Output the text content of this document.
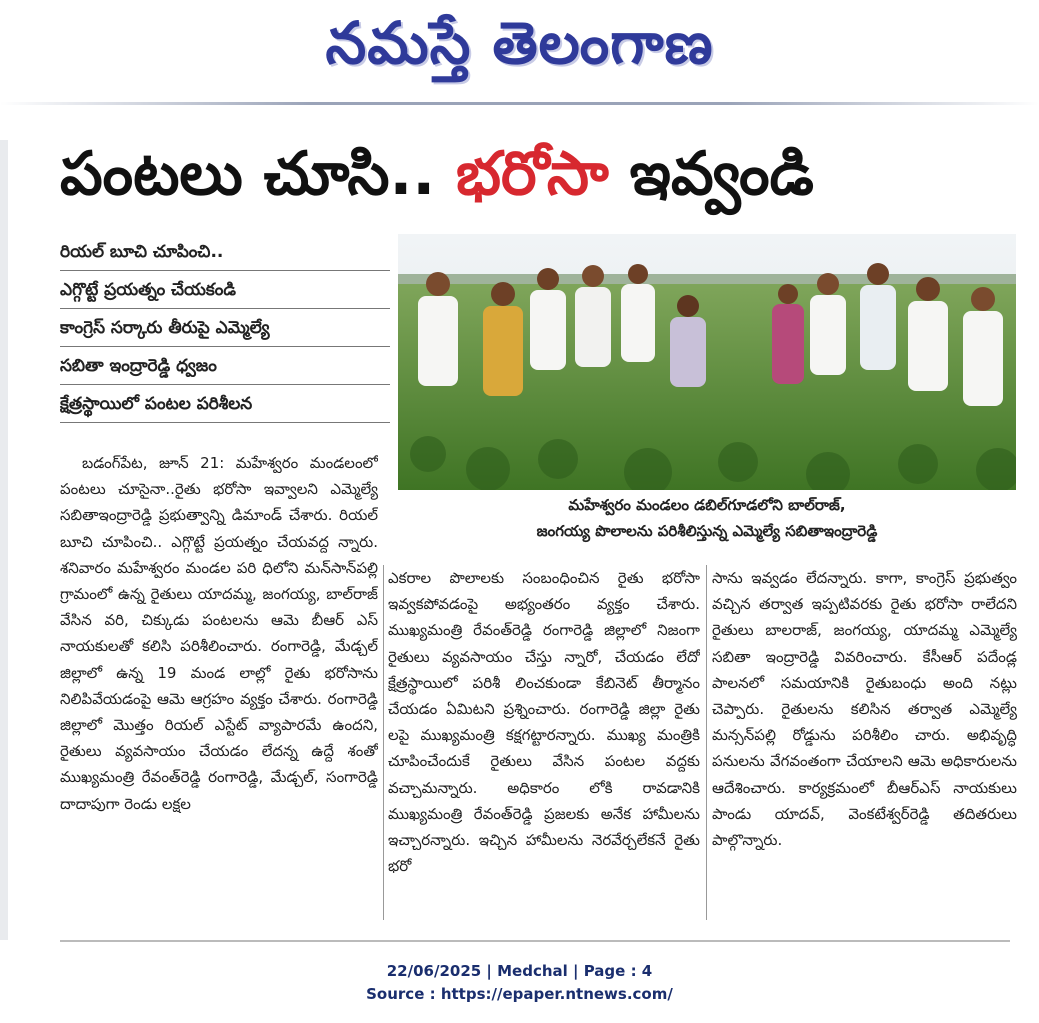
నమస్తే తెలంగాణ
పంటలు చూసి.. భరోసా ఇవ్వండి
రియల్ బూచి చూపించి..
ఎగ్గొట్టే ప్రయత్నం చేయకండి
కాంగ్రెస్ సర్కారు తీరుపై ఎమ్మెల్యే
సబితా ఇంద్రారెడ్డి ధ్వజం
క్షేత్రస్థాయిలో పంటల పరిశీలన
మహేశ్వరం మండలం డబిల్‌గూడలోని బాల్‌రాజ్,
జంగయ్య పొలాలను పరిశీలిస్తున్న ఎమ్మెల్యే సబితాఇంద్రారెడ్డి

బడంగ్‌పేట, జూన్ 21: మహేశ్వరం మండలంలో పంటలు చూసైనా..రైతు భరోసా ఇవ్వాలని ఎమ్మెల్యే సబితాఇంద్రారెడ్డి ప్రభుత్వాన్ని డిమాండ్ చేశారు. రియల్ బూచి చూపించి.. ఎగ్గొట్టే ప్రయత్నం చేయవద్ద న్నారు. శనివారం మహేశ్వరం మండల పరి ధిలోని మన్‌సాన్‌పల్లి గ్రామంలో ఉన్న రైతులు యాదమ్మ, జంగయ్య, బాల్‌రాజ్ వేసిన వరి, చిక్కుడు పంటలను ఆమె బీఆర్ ఎస్ నాయకులతో కలిసి పరిశీలించారు. రంగారెడ్డి, మేడ్చల్ జిల్లాలో ఉన్న 19 మండ లాల్లో రైతు భరోసాను నిలిపివేయడంపై ఆమె ఆగ్రహం వ్యక్తం చేశారు. రంగారెడ్డి జిల్లాలో మొత్తం రియల్ ఎస్టేట్ వ్యాపారమే ఉందని, రైతులు వ్యవసాయం చేయడం లేదన్న ఉద్దే శంతో ముఖ్యమంత్రి రేవంత్‌రెడ్డి రంగారెడ్డి, మేడ్చల్, సంగారెడ్డి దాదాపుగా రెండు లక్షల

ఎకరాల పొలాలకు సంబంధించిన రైతు భరోసా ఇవ్వకపోవడంపై అభ్యంతరం వ్యక్తం చేశారు. ముఖ్యమంత్రి రేవంత్‌రెడ్డి రంగారెడ్డి జిల్లాలో నిజంగా రైతులు వ్యవసాయం చేస్తు న్నారో, చేయడం లేదో క్షేత్రస్థాయిలో పరిశీ లించకుండా కేబినెట్ తీర్మానం చేయడం ఏమిటని ప్రశ్నించారు. రంగారెడ్డి జిల్లా రైతు లపై ముఖ్యమంత్రి కక్షగట్టారన్నారు. ముఖ్య మంత్రికి చూపించేందుకే రైతులు వేసిన పంటల వద్దకు వచ్చామన్నారు. అధికారం లోకి రావడానికి ముఖ్యమంత్రి రేవంత్‌రెడ్డి ప్రజలకు అనేక హామీలను ఇచ్చారన్నారు. ఇచ్చిన హామీలను నెరవేర్చలేకనే రైతు భరో

సాను ఇవ్వడం లేదన్నారు. కాగా, కాంగ్రెస్ ప్రభుత్వం వచ్చిన తర్వాత ఇప్పటివరకు రైతు భరోసా రాలేదని రైతులు బాలరాజ్, జంగయ్య, యాదమ్మ ఎమ్మెల్యే సబితా ఇంద్రారెడ్డి వివరించారు. కేసీఆర్ పదేండ్ల పాలనలో సమయానికి రైతుబంధు అంది నట్లు చెప్పారు. రైతులను కలిసిన తర్వాత ఎమ్మెల్యే మన్సన్‌పల్లి రోడ్డును పరిశీలిం చారు. అభివృద్ధి పనులను వేగవంతంగా చేయాలని ఆమె అధికారులను ఆదేశించారు. కార్యక్రమంలో బీఆర్ఎస్ నాయకులు పాండు యాదవ్, వెంకటేశ్వర్‌రెడ్డి తదితరులు పాల్గొన్నారు.

22/06/2025 | Medchal | Page : 4
Source : https://epaper.ntnews.com/
